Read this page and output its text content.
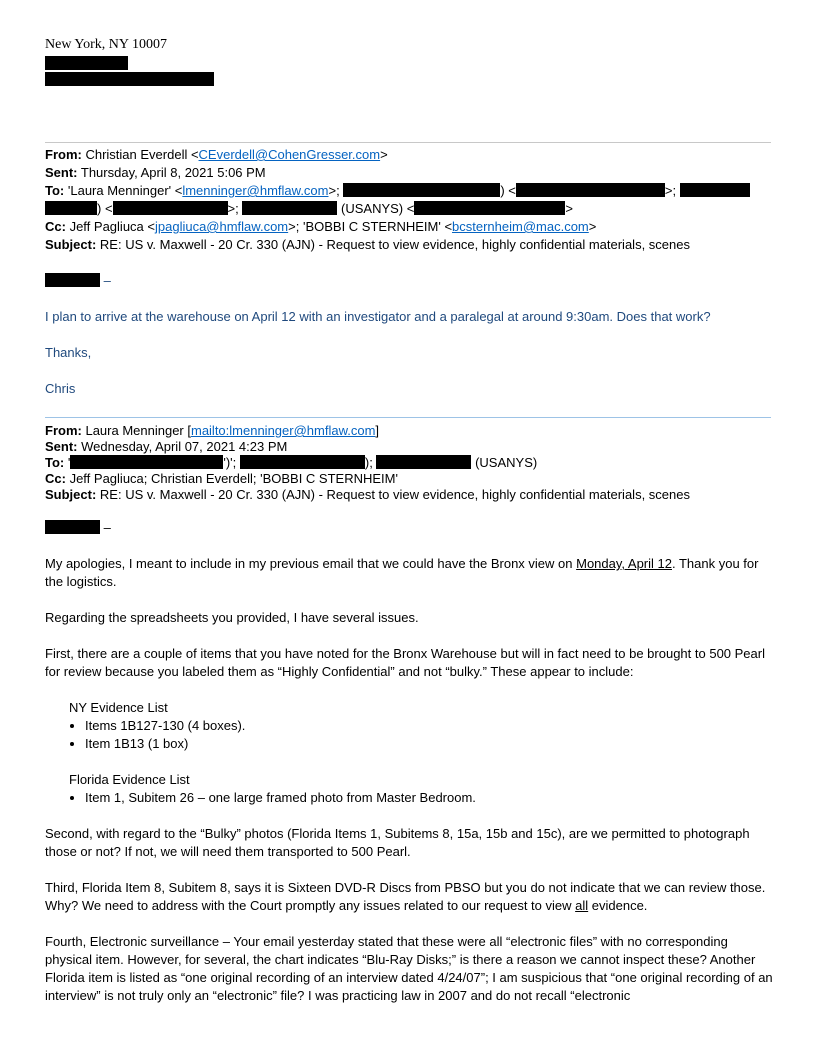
New York, NY 10007
From: Christian Everdell <CEverdell@CohenGresser.com>
Sent: Thursday, April 8, 2021 5:06 PM
To: 'Laura Menninger' <lmenninger@hmflaw.com>;	) <	>;
) <	>;	(USANYS) <	>
Cc: Jeff Pagliuca <jpagliuca@hmflaw.com>; 'BOBBI C STERNHEIM' <bcsternheim@mac.com>
Subject: RE: US v. Maxwell - 20 Cr. 330 (AJN) - Request to view evidence, highly confidential materials, scenes
–
I plan to arrive at the warehouse on April 12 with an investigator and a paralegal at around 9:30am. Does that work?
Thanks,
Chris
From: Laura Menninger [mailto:lmenninger@hmflaw.com]
Sent: Wednesday, April 07, 2021 4:23 PM
To: '	')';	);	(USANYS)
Cc: Jeff Pagliuca; Christian Everdell; 'BOBBI C STERNHEIM'
Subject: RE: US v. Maxwell - 20 Cr. 330 (AJN) - Request to view evidence, highly confidential materials, scenes
–
My apologies, I meant to include in my previous email that we could have the Bronx view on Monday, April 12. Thank you for the logistics.
Regarding the spreadsheets you provided, I have several issues.
First, there are a couple of items that you have noted for the Bronx Warehouse but will in fact need to be brought to 500 Pearl for review because you labeled them as “Highly Confidential” and not “bulky.” These appear to include:
NY Evidence List
• Items 1B127-130 (4 boxes).
• Item 1B13 (1 box)
Florida Evidence List
• Item 1, Subitem 26 – one large framed photo from Master Bedroom.
Second, with regard to the “Bulky” photos (Florida Items 1, Subitems 8, 15a, 15b and 15c), are we permitted to photograph those or not? If not, we will need them transported to 500 Pearl.
Third, Florida Item 8, Subitem 8, says it is Sixteen DVD-R Discs from PBSO but you do not indicate that we can review those. Why? We need to address with the Court promptly any issues related to our request to view all evidence.
Fourth, Electronic surveillance – Your email yesterday stated that these were all “electronic files” with no corresponding physical item. However, for several, the chart indicates “Blu-Ray Disks;” is there a reason we cannot inspect these? Another Florida item is listed as “one original recording of an interview dated 4/24/07”; I am suspicious that “one original recording of an interview” is not truly only an “electronic” file? I was practicing law in 2007 and do not recall “electronic
